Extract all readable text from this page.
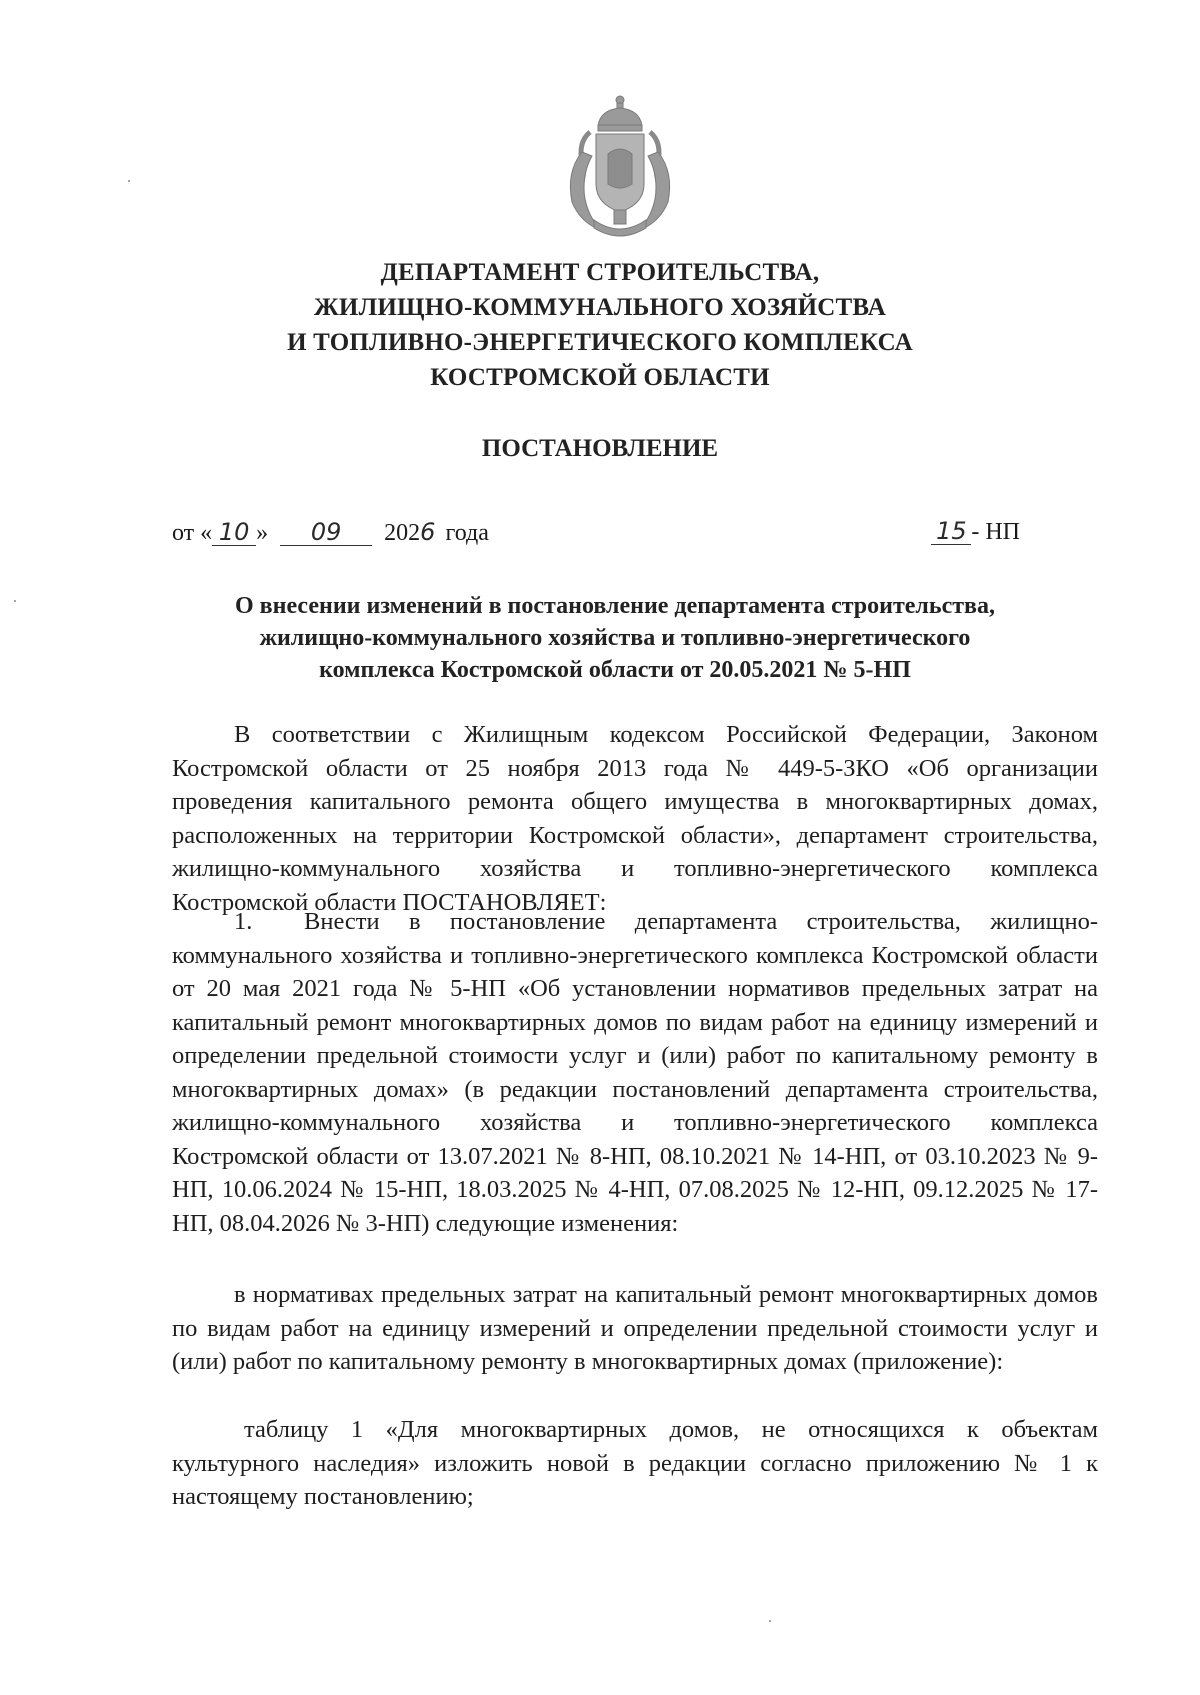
ДЕПАРТАМЕНТ СТРОИТЕЛЬСТВА,
ЖИЛИЩНО-КОММУНАЛЬНОГО ХОЗЯЙСТВА
И ТОПЛИВНО-ЭНЕРГЕТИЧЕСКОГО КОМПЛЕКСА
КОСТРОМСКОЙ ОБЛАСТИ
ПОСТАНОВЛЕНИЕ
от « 10 » 09 2026 года	15 - НП
О внесении изменений в постановление департамента строительства,
жилищно-коммунального хозяйства и топливно-энергетического
комплекса Костромской области от 20.05.2021 № 5-НП
В соответствии с Жилищным кодексом Российской Федерации, Законом Костромской области от 25 ноября 2013 года № 449-5-ЗКО «Об организации проведения капитального ремонта общего имущества в многоквартирных домах, расположенных на территории Костромской области», департамент строительства, жилищно-коммунального хозяйства и топливно-энергетического комплекса Костромской области ПОСТАНОВЛЯЕТ:
1. Внести в постановление департамента строительства, жилищно-коммунального хозяйства и топливно-энергетического комплекса Костромской области от 20 мая 2021 года № 5-НП «Об установлении нормативов предельных затрат на капитальный ремонт многоквартирных домов по видам работ на единицу измерений и определении предельной стоимости услуг и (или) работ по капитальному ремонту в многоквартирных домах» (в редакции постановлений департамента строительства, жилищно-коммунального хозяйства и топливно-энергетического комплекса Костромской области от 13.07.2021 № 8-НП, 08.10.2021 № 14-НП, от 03.10.2023 № 9-НП, 10.06.2024 № 15-НП, 18.03.2025 № 4-НП, 07.08.2025 № 12-НП, 09.12.2025 № 17-НП, 08.04.2026 № 3-НП) следующие изменения:
в нормативах предельных затрат на капитальный ремонт многоквартирных домов по видам работ на единицу измерений и определении предельной стоимости услуг и (или) работ по капитальному ремонту в многоквартирных домах (приложение):
таблицу 1 «Для многоквартирных домов, не относящихся к объектам культурного наследия» изложить новой в редакции согласно приложению № 1 к настоящему постановлению;
